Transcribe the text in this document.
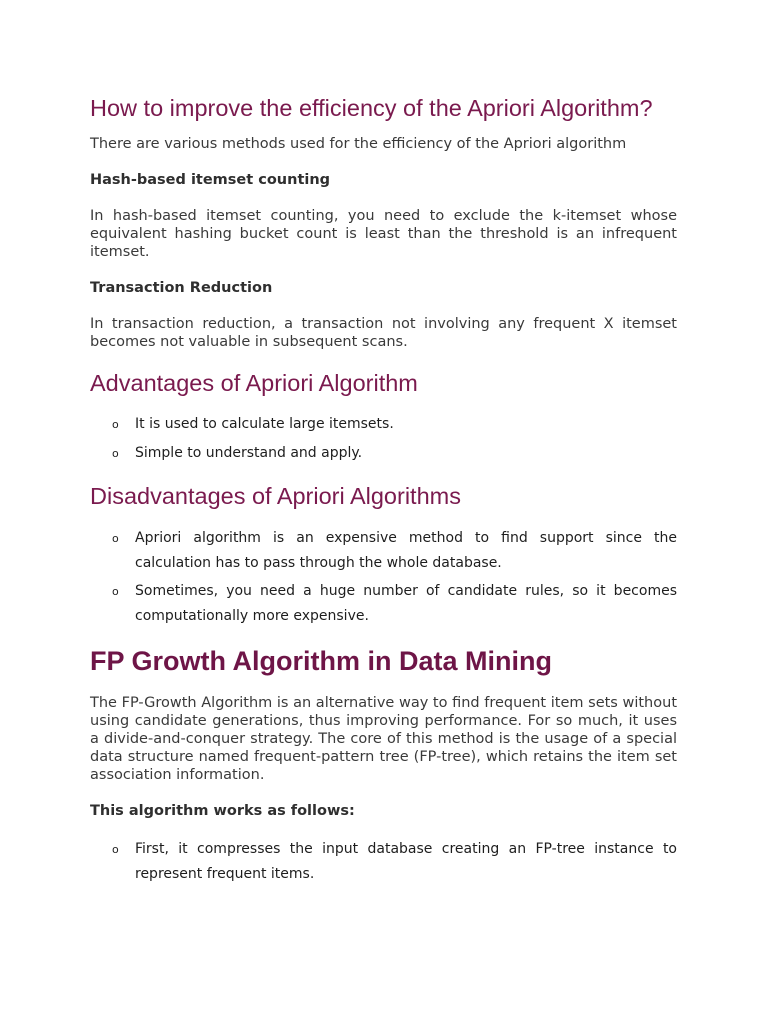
How to improve the efficiency of the Apriori Algorithm?

There are various methods used for the efficiency of the Apriori algorithm

Hash-based itemset counting

In hash-based itemset counting, you need to exclude the k-itemset whose equivalent hashing bucket count is least than the threshold is an infrequent itemset.

Transaction Reduction

In transaction reduction, a transaction not involving any frequent X itemset becomes not valuable in subsequent scans.

Advantages of Apriori Algorithm
o It is used to calculate large itemsets.
o Simple to understand and apply.
Disadvantages of Apriori Algorithms
o Apriori algorithm is an expensive method to find support since the calculation has to pass through the whole database.
o Sometimes, you need a huge number of candidate rules, so it becomes computationally more expensive.
FP Growth Algorithm in Data Mining

The FP-Growth Algorithm is an alternative way to find frequent item sets without using candidate generations, thus improving performance. For so much, it uses a divide-and-conquer strategy. The core of this method is the usage of a special data structure named frequent-pattern tree (FP-tree), which retains the item set association information.

This algorithm works as follows:

o First, it compresses the input database creating an FP-tree instance to represent frequent items.
